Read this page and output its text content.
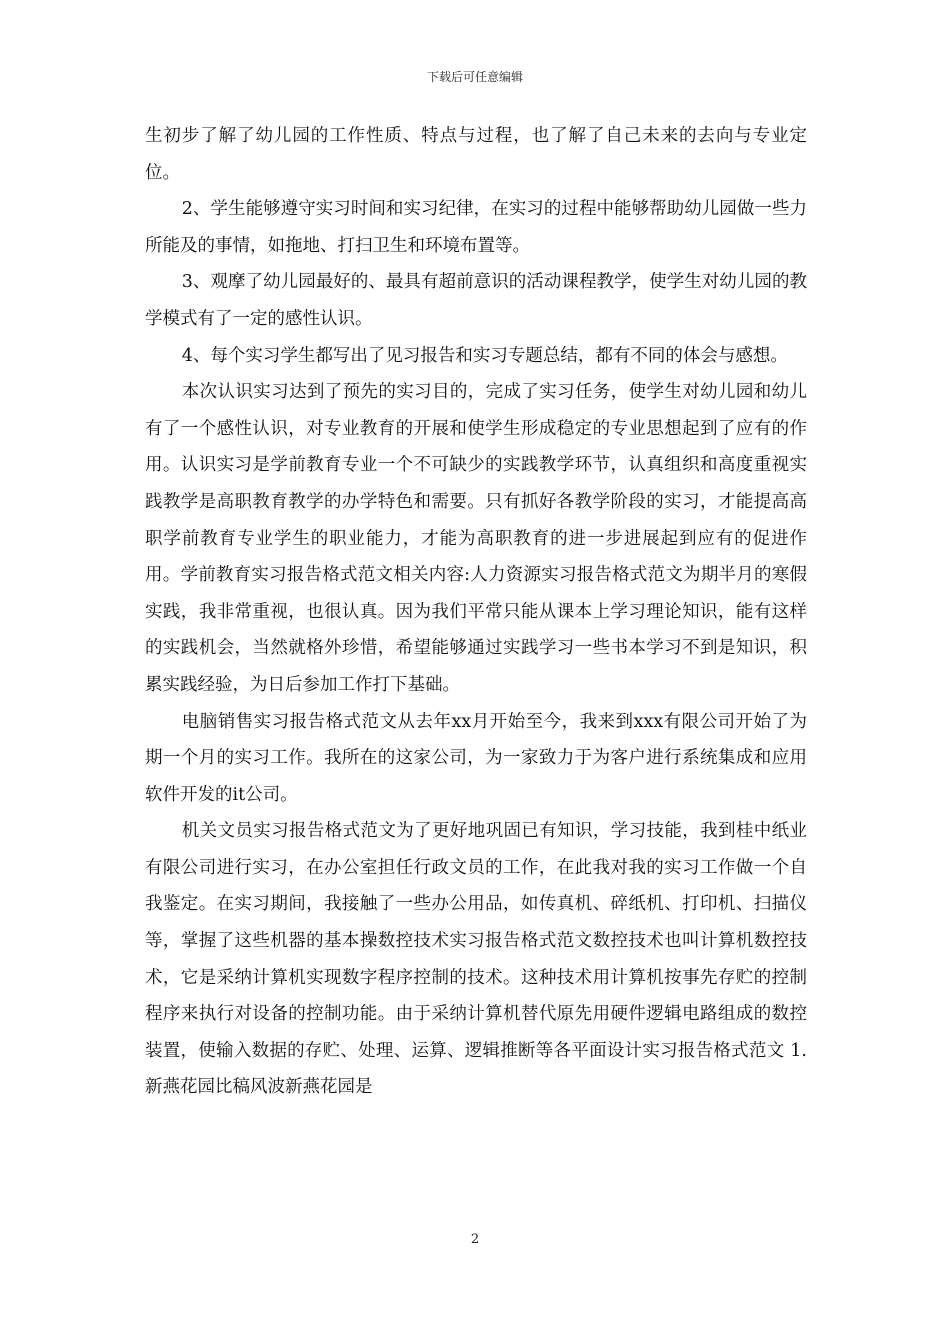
下载后可任意编辑

生初步了解了幼儿园的工作性质、特点与过程，也了解了自己未来的去向与专业定位。

2、学生能够遵守实习时间和实习纪律，在实习的过程中能够帮助幼儿园做一些力所能及的事情，如拖地、打扫卫生和环境布置等。

3、观摩了幼儿园最好的、最具有超前意识的活动课程教学，使学生对幼儿园的教学模式有了一定的感性认识。

4、每个实习学生都写出了见习报告和实习专题总结，都有不同的体会与感想。

本次认识实习达到了预先的实习目的，完成了实习任务，使学生对幼儿园和幼儿有了一个感性认识，对专业教育的开展和使学生形成稳定的专业思想起到了应有的作用。认识实习是学前教育专业一个不可缺少的实践教学环节，认真组织和高度重视实践教学是高职教育教学的办学特色和需要。只有抓好各教学阶段的实习，才能提高高职学前教育专业学生的职业能力，才能为高职教育的进一步进展起到应有的促进作用。学前教育实习报告格式范文相关内容:人力资源实习报告格式范文为期半月的寒假实践，我非常重视，也很认真。因为我们平常只能从课本上学习理论知识，能有这样的实践机会，当然就格外珍惜，希望能够通过实践学习一些书本学习不到是知识，积累实践经验，为日后参加工作打下基础。

电脑销售实习报告格式范文从去年xx月开始至今，我来到xxx有限公司开始了为期一个月的实习工作。我所在的这家公司，为一家致力于为客户进行系统集成和应用软件开发的it公司。

机关文员实习报告格式范文为了更好地巩固已有知识，学习技能，我到桂中纸业有限公司进行实习，在办公室担任行政文员的工作，在此我对我的实习工作做一个自我鉴定。在实习期间，我接触了一些办公用品，如传真机、碎纸机、打印机、扫描仪等，掌握了这些机器的基本操数控技术实习报告格式范文数控技术也叫计算机数控技术，它是采纳计算机实现数字程序控制的技术。这种技术用计算机按事先存贮的控制程序来执行对设备的控制功能。由于采纳计算机替代原先用硬件逻辑电路组成的数控装置，使输入数据的存贮、处理、运算、逻辑推断等各平面设计实习报告格式范文 1.新燕花园比稿风波新燕花园是

2
